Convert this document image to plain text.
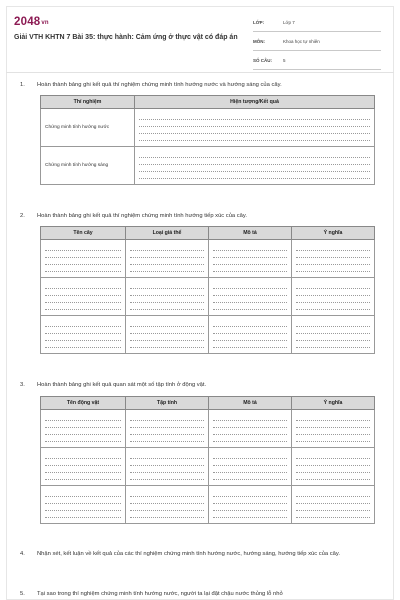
2048vn
Giải VTH KHTN 7 Bài 35: thực hành: Cảm ứng ở thực vật có đáp án
LỚP:	Lớp 7
MÔN:	Khoa học tự nhiên
SỐ CÂU: 5
1. Hoàn thành bảng ghi kết quả thí nghiệm chứng minh tính hướng nước và hướng sáng của cây.
Thí nghiệm	Hiện tượng/Kết quả
Chứng minh tính hướng nước	

Chứng minh tính hướng sáng	
2. Hoàn thành bảng ghi kết quả thí nghiệm chứng minh tính hướng tiếp xúc của cây.
Tên cây	Loại giá thể	Mô tả	Ý nghĩa

3. Hoàn thành bảng ghi kết quả quan sát một số tập tính ở động vật.
Tên động vật	Tập tính	Mô tả	Ý nghĩa

4. Nhận xét, kết luận về kết quả của các thí nghiệm chứng minh tính hướng nước, hướng sáng, hướng tiếp xúc của cây.
5. Tại sao trong thí nghiệm chứng minh tính hướng nước, người ta lại đặt chậu nước thủng lỗ nhỏ
